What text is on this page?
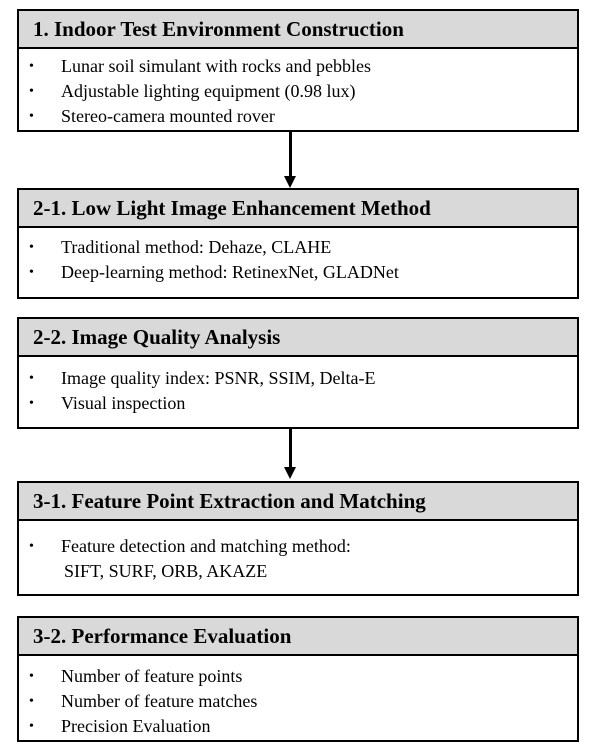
1. Indoor Test Environment Construction
• Lunar soil simulant with rocks and pebbles
• Adjustable lighting equipment (0.98 lux)
• Stereo-camera mounted rover
2-1. Low Light Image Enhancement Method
• Traditional method: Dehaze, CLAHE
• Deep-learning method: RetinexNet, GLADNet
2-2. Image Quality Analysis
• Image quality index: PSNR, SSIM, Delta-E
• Visual inspection
3-1. Feature Point Extraction and Matching
• Feature detection and matching method:
SIFT, SURF, ORB, AKAZE
3-2. Performance Evaluation
• Number of feature points
• Number of feature matches
• Precision Evaluation
